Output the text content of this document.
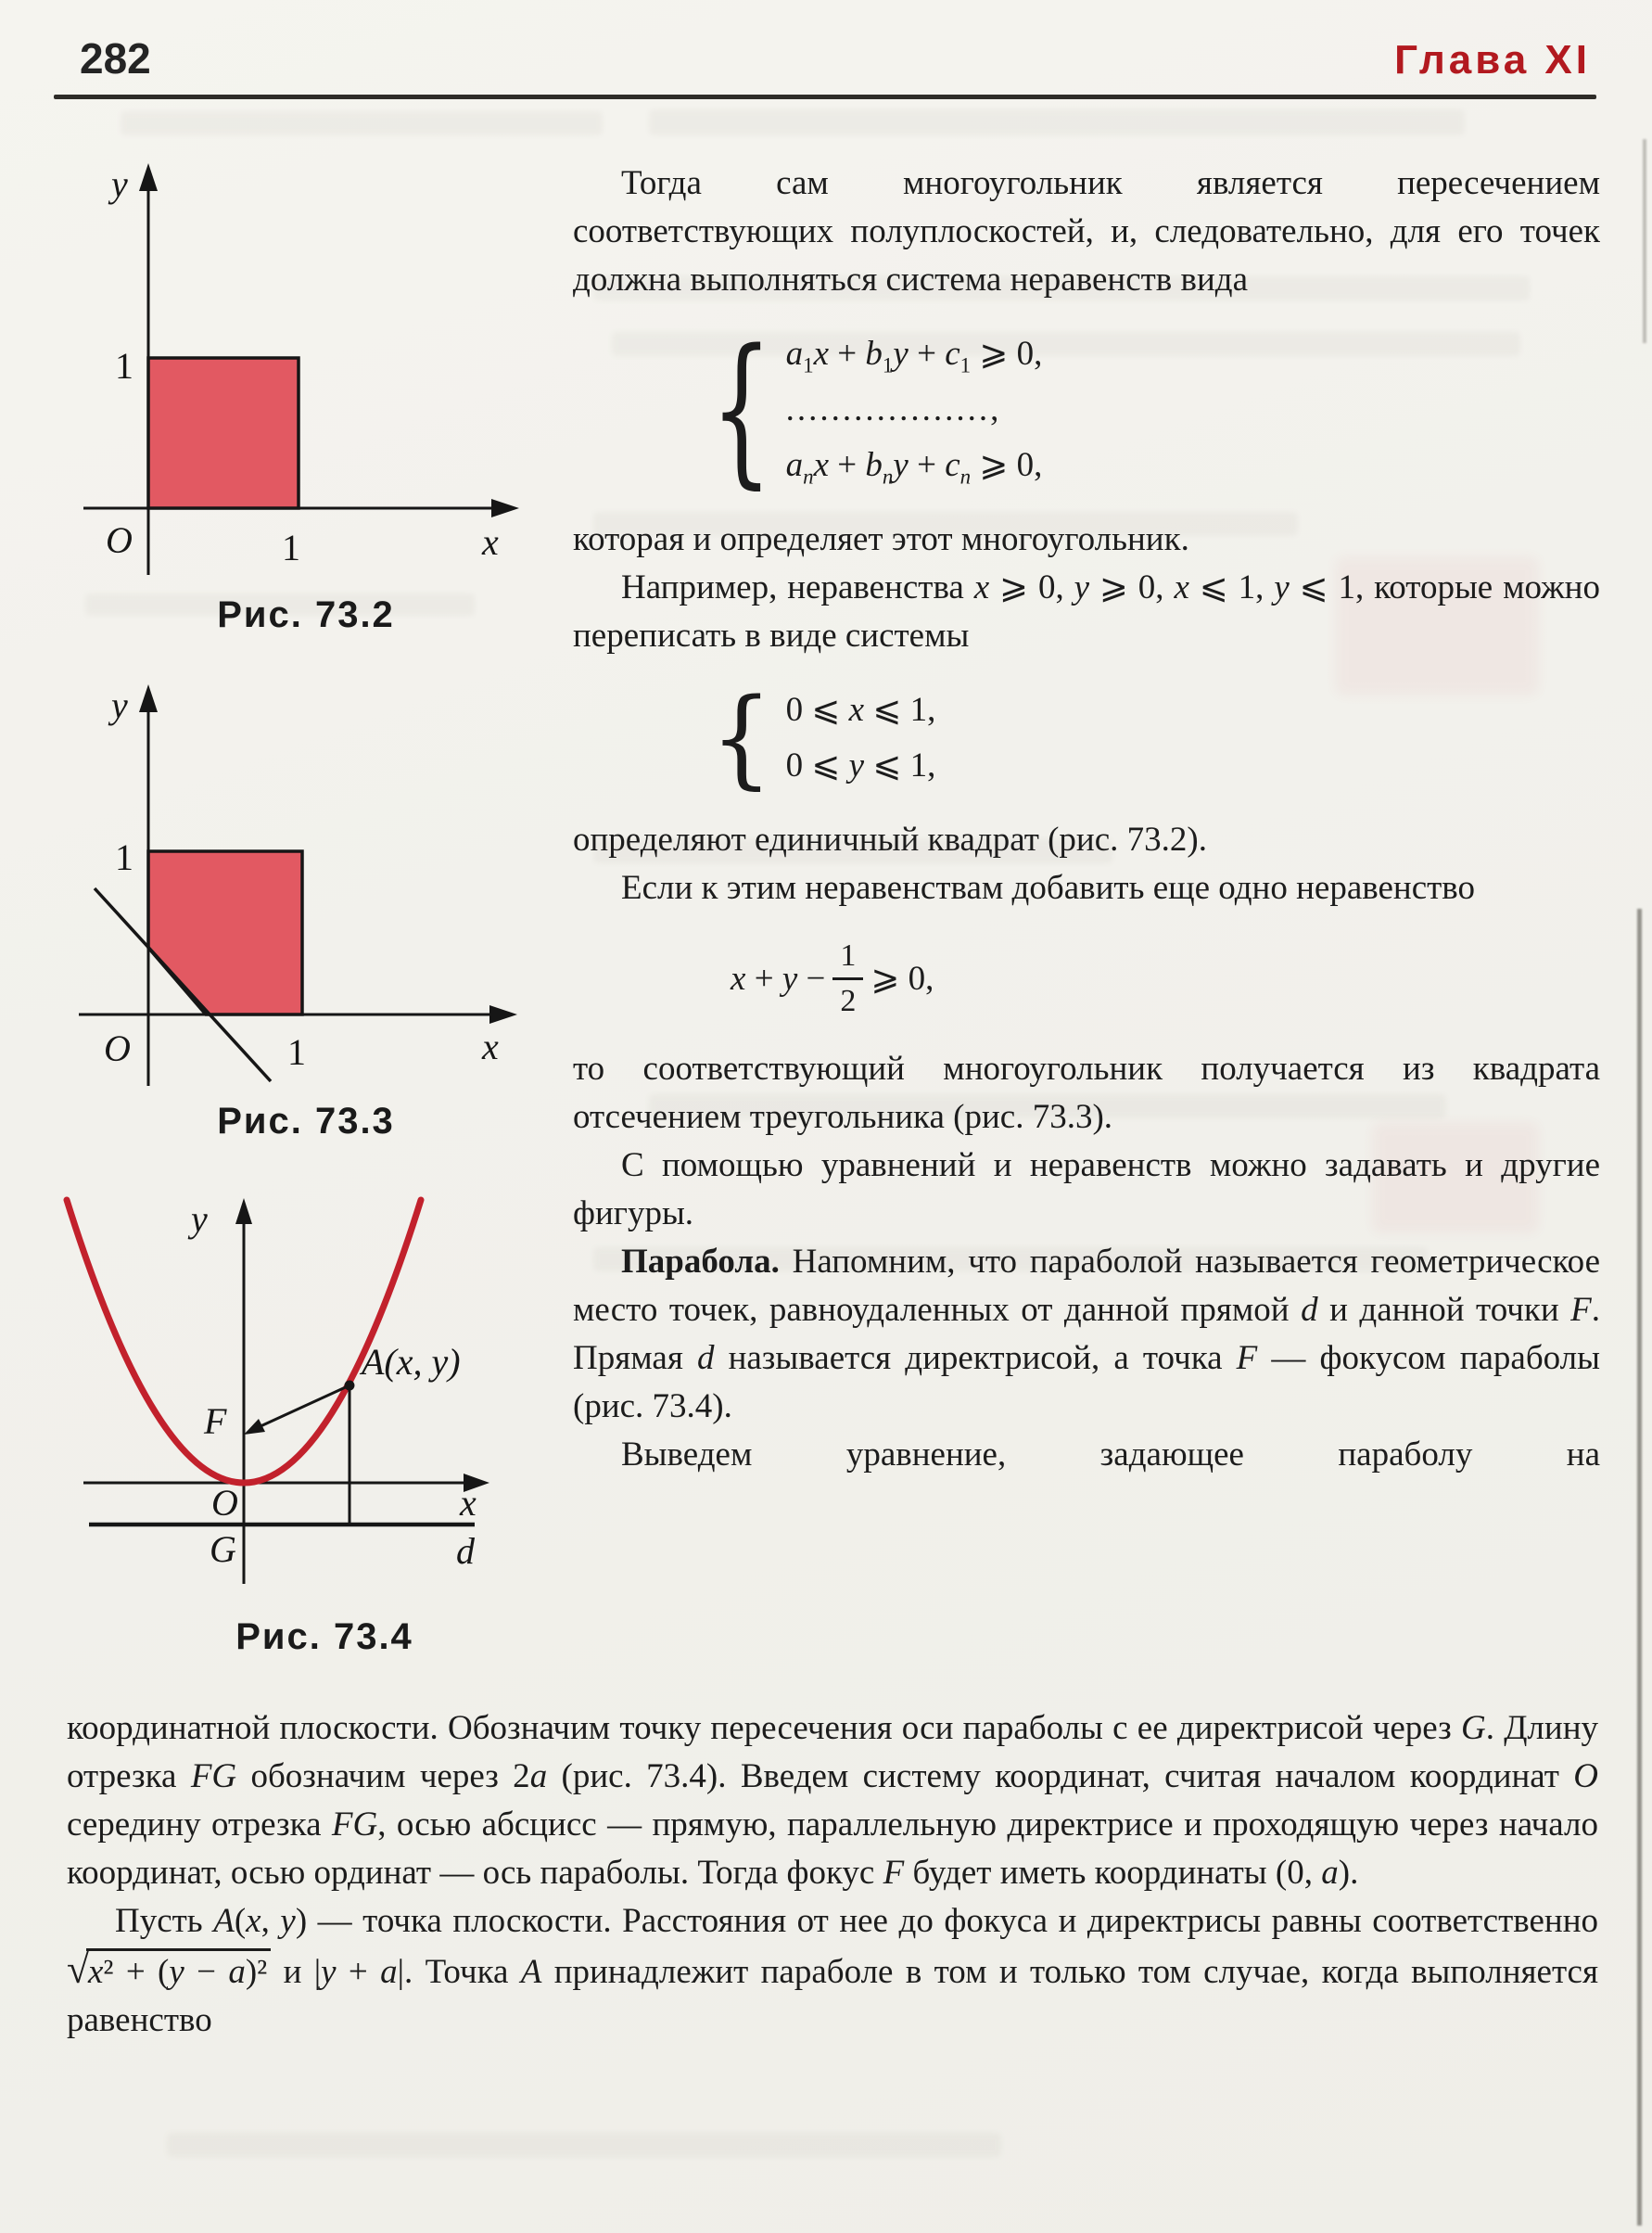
282	Глава XI
y
1
O	1	x
Рис. 73.2
y
1
O	1	x
Рис. 73.3
y
F
O
G
x
d
A(x, y)
Рис. 73.4

Тогда сам многоугольник является пересечением соответствующих полуплоскостей, и, следовательно, для его точек должна выполняться система неравенств вида

{ $a_1x + b_1y + c_1$ ⩾ 0,
..................,
$a_nx + b_ny + c_n$ ⩾ 0,

которая и определяет этот многоугольник.

Например, неравенства x ⩾ 0, y ⩾ 0, x ⩽ 1, y ⩽ 1, которые можно переписать в виде системы

{ 0 ⩽ x ⩽ 1,
0 ⩽ y ⩽ 1,

определяют единичный квадрат (рис. 73.2).

Если к этим неравенствам добавить еще одно неравенство

$x + y - \frac{1}{2}$ ⩾ 0,

то соответствующий многоугольник получается из квадрата отсечением треугольника (рис. 73.3).

С помощью уравнений и неравенств можно задавать и другие фигуры.

Парабола. Напомним, что параболой называется геометрическое место точек, равноудаленных от данной прямой d и данной точки F. Прямая d называется директрисой, а точка F — фокусом параболы (рис. 73.4).

Выведем уравнение, задающее параболу на

координатной плоскости. Обозначим точку пересечения оси параболы с ее директрисой через G. Длину отрезка FG обозначим через 2a (рис. 73.4). Введем систему координат, считая началом координат O середину отрезка FG, осью абсцисс — прямую, параллельную директрисе и проходящую через начало координат, осью ординат — ось параболы. Тогда фокус F будет иметь координаты (0, a).

Пусть A(x, y) — точка плоскости. Расстояния от нее до фокуса и директрисы равны соответственно √x² + (y − a)² и |y + a|. Точка A принадлежит параболе в том и только том случае, когда выполняется равенство
